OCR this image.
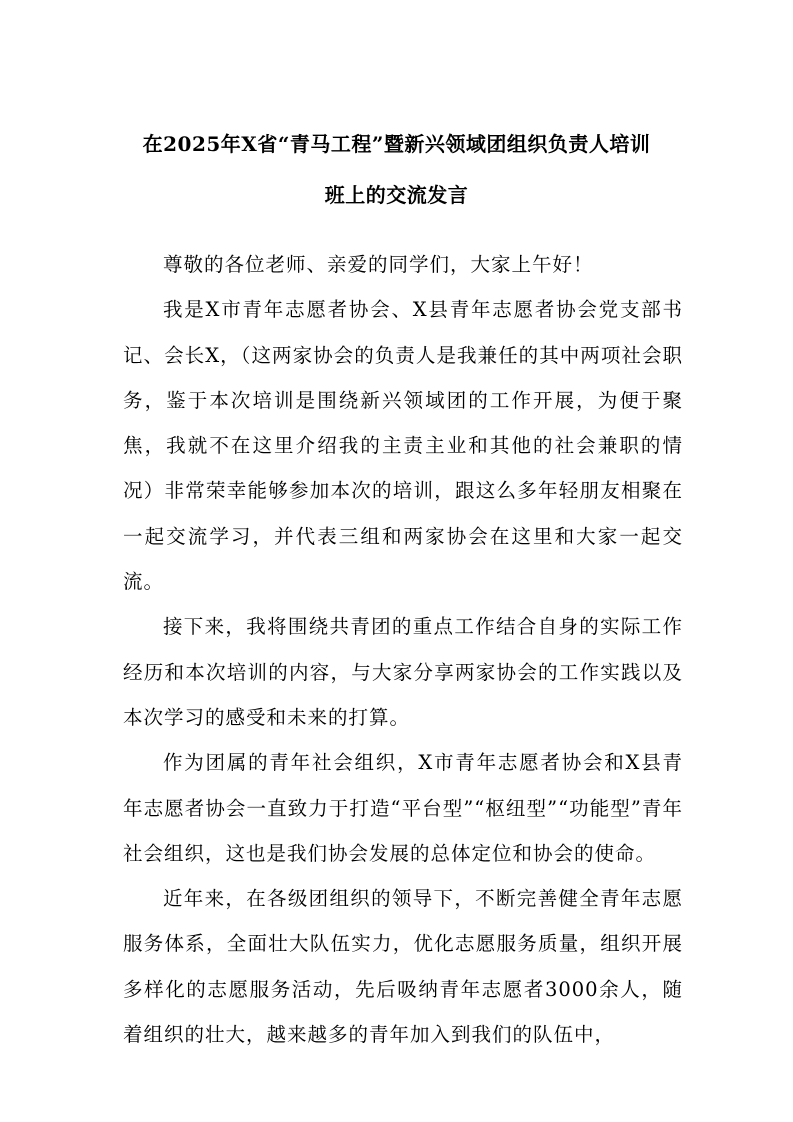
在2025年X省“青马工程”暨新兴领域团组织负责人培训
班上的交流发言

尊敬的各位老师、亲爱的同学们，大家上午好！

我是X市青年志愿者协会、X县青年志愿者协会党支部书记、会长X，（这两家协会的负责人是我兼任的其中两项社会职务，鉴于本次培训是围绕新兴领域团的工作开展，为便于聚焦，我就不在这里介绍我的主责主业和其他的社会兼职的情况）非常荣幸能够参加本次的培训，跟这么多年轻朋友相聚在一起交流学习，并代表三组和两家协会在这里和大家一起交流。

接下来，我将围绕共青团的重点工作结合自身的实际工作经历和本次培训的内容，与大家分享两家协会的工作实践以及本次学习的感受和未来的打算。

作为团属的青年社会组织，X市青年志愿者协会和X县青年志愿者协会一直致力于打造“平台型”“枢纽型”“功能型”青年社会组织，这也是我们协会发展的总体定位和协会的使命。

近年来，在各级团组织的领导下，不断完善健全青年志愿服务体系，全面壮大队伍实力，优化志愿服务质量，组织开展多样化的志愿服务活动，先后吸纳青年志愿者3000余人，随着组织的壮大，越来越多的青年加入到我们的队伍中，
